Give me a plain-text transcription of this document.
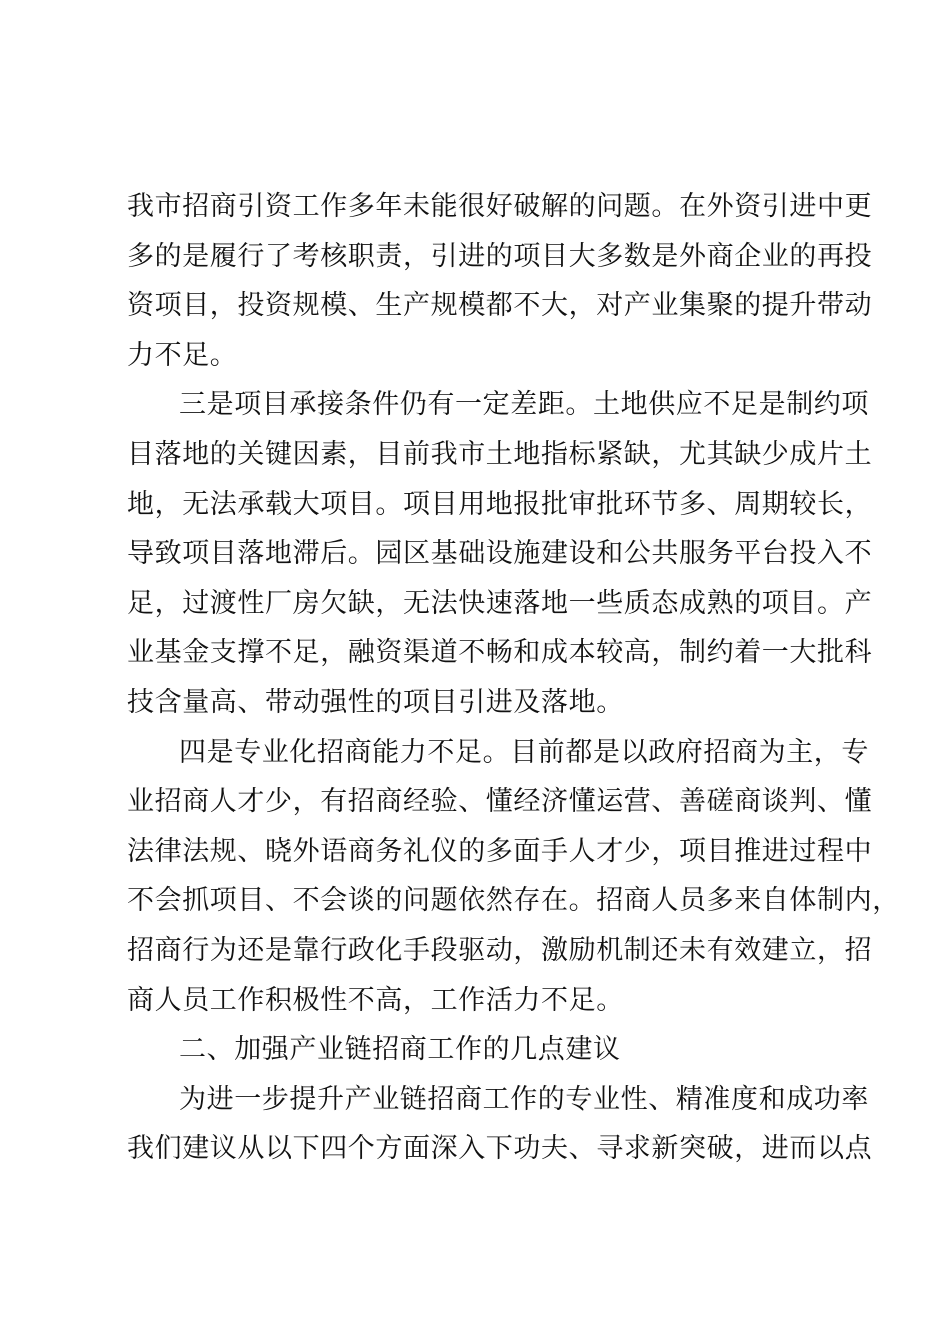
我市招商引资工作多年未能很好破解的问题。在外资引进中更
多的是履行了考核职责，引进的项目大多数是外商企业的再投
资项目，投资规模、生产规模都不大，对产业集聚的提升带动
力不足。
三是项目承接条件仍有一定差距。土地供应不足是制约项
目落地的关键因素，目前我市土地指标紧缺，尤其缺少成片土
地，无法承载大项目。项目用地报批审批环节多、周期较长，
导致项目落地滞后。园区基础设施建设和公共服务平台投入不
足，过渡性厂房欠缺，无法快速落地一些质态成熟的项目。产
业基金支撑不足，融资渠道不畅和成本较高，制约着一大批科
技含量高、带动强性的项目引进及落地。
四是专业化招商能力不足。目前都是以政府招商为主，专
业招商人才少，有招商经验、懂经济懂运营、善磋商谈判、懂
法律法规、晓外语商务礼仪的多面手人才少，项目推进过程中
不会抓项目、不会谈的问题依然存在。招商人员多来自体制内，
招商行为还是靠行政化手段驱动，激励机制还未有效建立，招
商人员工作积极性不高，工作活力不足。
二、加强产业链招商工作的几点建议
为进一步提升产业链招商工作的专业性、精准度和成功率
我们建议从以下四个方面深入下功夫、寻求新突破，进而以点
